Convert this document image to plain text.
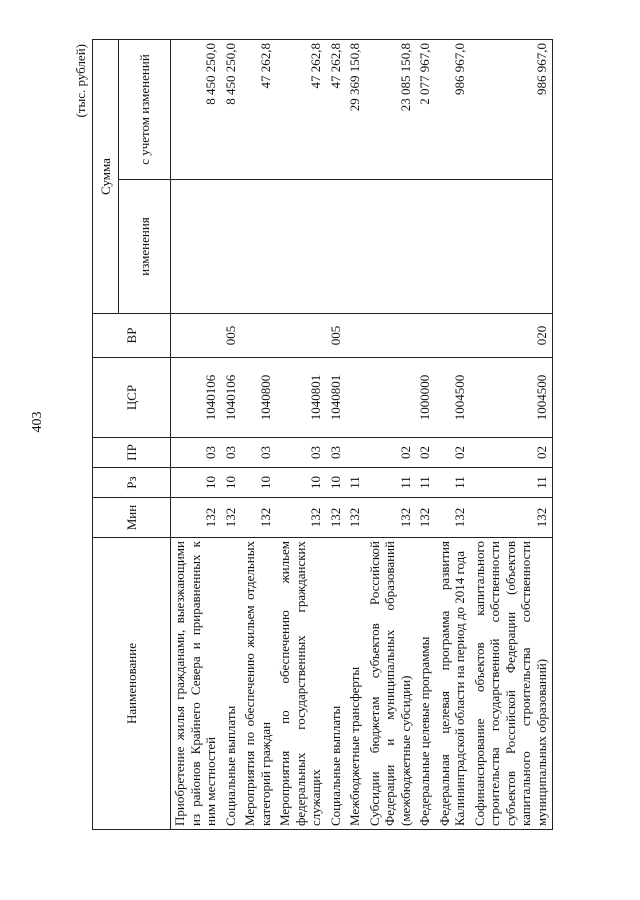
403
(тыс. рублей)
Наименование	Мин	Рз	ПР	ЦСР	ВР	Сумма	
						изменения	с учетом изменений
Приобретение жилья гражданами, выезжающими из районов Крайнего Севера и приравненных к ним местностей	132	10	03	1040106			8 450 250,0
Социальные выплаты	132	10	03	1040106	005		8 450 250,0
Мероприятия по обеспечению жильем отдельных категорий граждан	132	10	03	1040800			47 262,8
Мероприятия по обеспечению жильем федеральных государственных гражданских служащих	132	10	03	1040801			47 262,8
Социальные выплаты	132	10	03	1040801	005		47 262,8
Межбюджетные трансферты	132	11					29 369 150,8
Субсидии бюджетам субъектов Российской Федерации и муниципальных образований (межбюджетные субсидии)	132	11	02				23 085 150,8
Федеральные целевые программы	132	11	02	1000000			2 077 967,0
Федеральная целевая программа развития Калининградской области на период до 2014 года	132	11	02	1004500			986 967,0
Софинансирование объектов капитального строительства государственной собственности субъектов Российской Федерации (объектов капитального строительства собственности муниципальных образований)	132	11	02	1004500	020		986 967,0
